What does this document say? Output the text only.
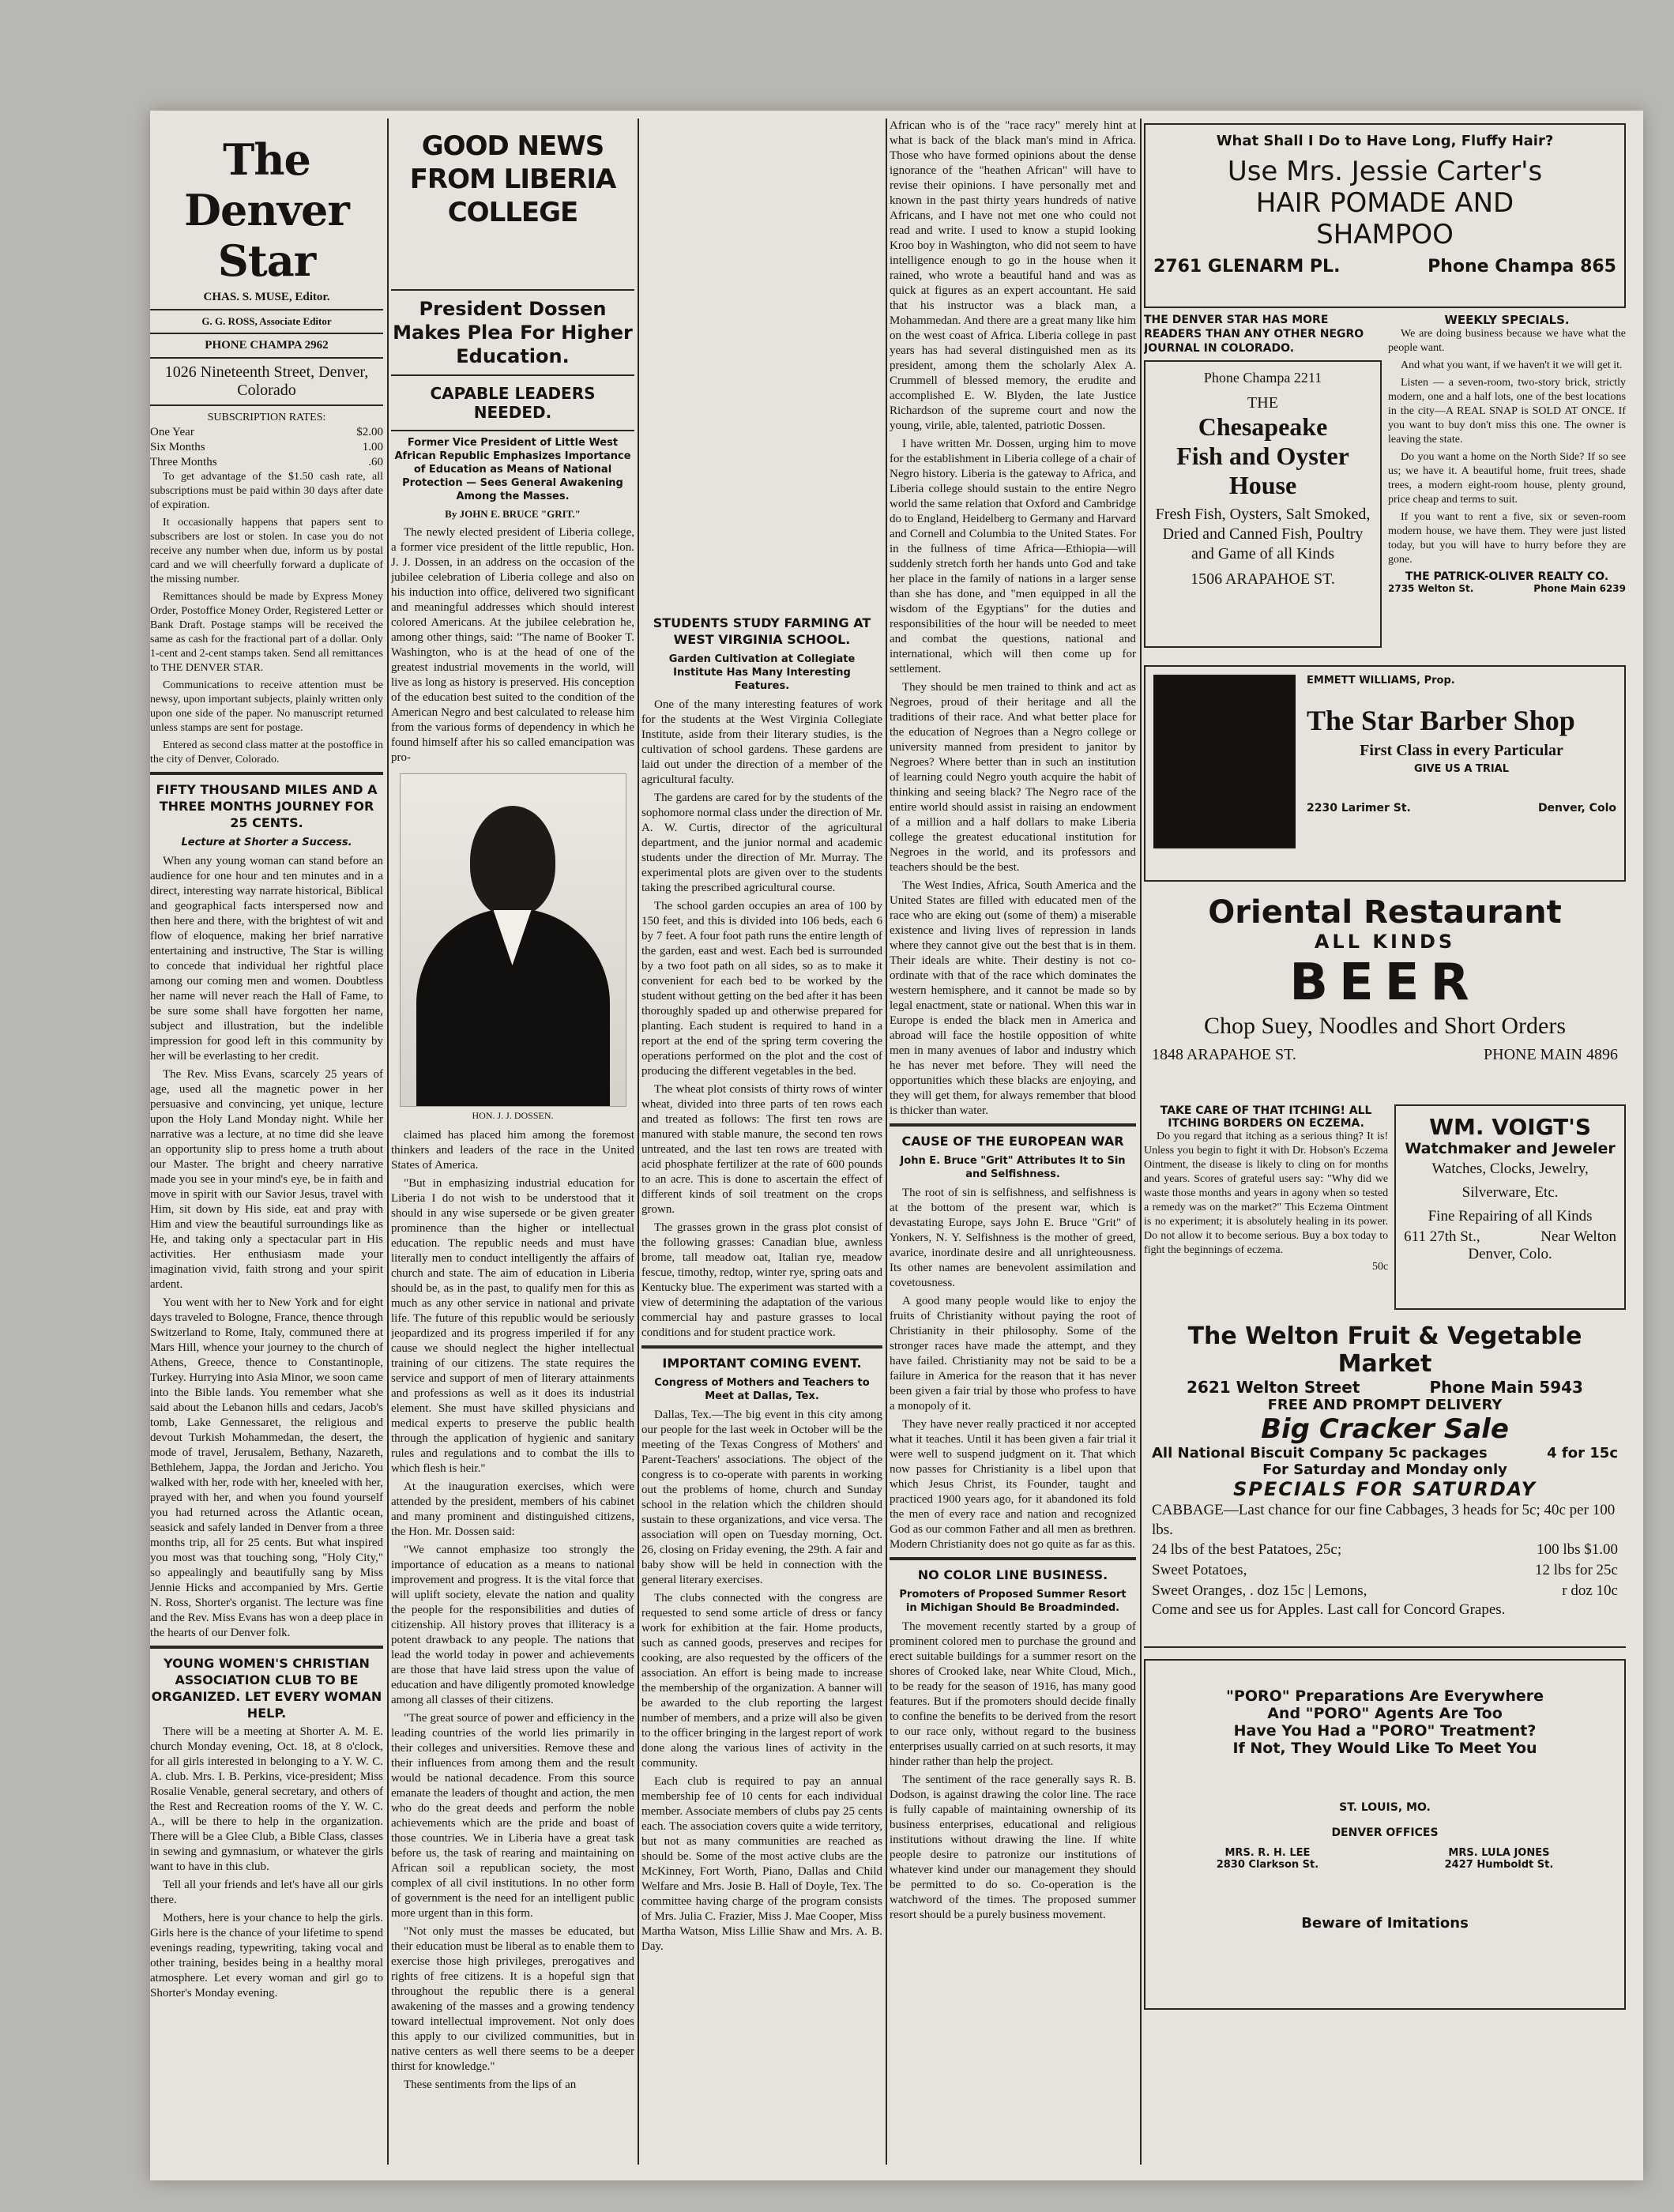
The Denver Star
CHAS. S. MUSE, Editor.
G. G. ROSS, Associate Editor
PHONE CHAMPA 2962
1026 Nineteenth Street, Denver, Colorado
SUBSCRIPTION RATES:
One Year	$2.00
Six Months	1.00
Three Months	.60

To get advantage of the $1.50 cash rate, all subscriptions must be paid within 30 days after date of expiration.

It occasionally happens that papers sent to subscribers are lost or stolen. In case you do not receive any number when due, inform us by postal card and we will cheerfully forward a duplicate of the missing number.

Remittances should be made by Express Money Order, Postoffice Money Order, Registered Letter or Bank Draft. Postage stamps will be received the same as cash for the fractional part of a dollar. Only 1-cent and 2-cent stamps taken. Send all remittances to THE DENVER STAR.

Communications to receive attention must be newsy, upon important subjects, plainly written only upon one side of the paper. No manuscript returned unless stamps are sent for postage.

Entered as second class matter at the postoffice in the city of Denver, Colorado.

FIFTY THOUSAND MILES AND A THREE MONTHS JOURNEY FOR 25 CENTS.
Lecture at Shorter a Success.

When any young woman can stand before an audience for one hour and ten minutes and in a direct, interesting way narrate historical, Biblical and geographical facts interspersed now and then here and there, with the brightest of wit and flow of eloquence, making her brief narrative entertaining and instructive, The Star is willing to concede that individual her rightful place among our coming men and women. Doubtless her name will never reach the Hall of Fame, to be sure some shall have forgotten her name, subject and illustration, but the indelible impression for good left in this community by her will be everlasting to her credit.

The Rev. Miss Evans, scarcely 25 years of age, used all the magnetic power in her persuasive and convincing, yet unique, lecture upon the Holy Land Monday night. While her narrative was a lecture, at no time did she leave an opportunity slip to press home a truth about our Master. The bright and cheery narrative made you see in your mind's eye, be in faith and move in spirit with our Savior Jesus, travel with Him, sit down by His side, eat and pray with Him and view the beautiful surroundings like as He, and taking only a spectacular part in His activities. Her enthusiasm made your imagination vivid, faith strong and your spirit ardent.

You went with her to New York and for eight days traveled to Bologne, France, thence through Switzerland to Rome, Italy, communed there at Mars Hill, whence your journey to the church of Athens, Greece, thence to Constantinople, Turkey. Hurrying into Asia Minor, we soon came into the Bible lands. You remember what she said about the Lebanon hills and cedars, Jacob's tomb, Lake Gennessaret, the religious and devout Turkish Mohammedan, the desert, the mode of travel, Jerusalem, Bethany, Nazareth, Bethlehem, Jappa, the Jordan and Jericho. You walked with her, rode with her, kneeled with her, prayed with her, and when you found yourself you had returned across the Atlantic ocean, seasick and safely landed in Denver from a three months trip, all for 25 cents. But what inspired you most was that touching song, "Holy City," so appealingly and beautifully sang by Miss Jennie Hicks and accompanied by Mrs. Gertie N. Ross, Shorter's organist. The lecture was fine and the Rev. Miss Evans has won a deep place in the hearts of our Denver folk.

YOUNG WOMEN'S CHRISTIAN ASSOCIATION CLUB TO BE ORGANIZED. LET EVERY WOMAN HELP.

There will be a meeting at Shorter A. M. E. church Monday evening, Oct. 18, at 8 o'clock, for all girls interested in belonging to a Y. W. C. A. club. Mrs. I. B. Perkins, vice-president; Miss Rosalie Venable, general secretary, and others of the Rest and Recreation rooms of the Y. W. C. A., will be there to help in the organization. There will be a Glee Club, a Bible Class, classes in sewing and gymnasium, or whatever the girls want to have in this club.

Tell all your friends and let's have all our girls there.

Mothers, here is your chance to help the girls. Girls here is the chance of your lifetime to spend evenings reading, typewriting, taking vocal and other training, besides being in a healthy moral atmosphere. Let every woman and girl go to Shorter's Monday evening.

GOOD NEWS FROM LIBERIA COLLEGE
President Dossen Makes Plea For Higher Education.
CAPABLE LEADERS NEEDED.
Former Vice President of Little West African Republic Emphasizes Importance of Education as Means of National Protection — Sees General Awakening Among the Masses.
By JOHN E. BRUCE "GRIT."

The newly elected president of Liberia college, a former vice president of the little republic, Hon. J. J. Dossen, in an address on the occasion of the jubilee celebration of Liberia college and also on his induction into office, delivered two significant and meaningful addresses which should interest colored Americans. At the jubilee celebration he, among other things, said: "The name of Booker T. Washington, who is at the head of one of the greatest industrial movements in the world, will live as long as history is preserved. His conception of the education best suited to the condition of the American Negro and best calculated to release him from the various forms of dependency in which he found himself after his so called emancipation was pro-

HON. J. J. DOSSEN.

claimed has placed him among the foremost thinkers and leaders of the race in the United States of America.

"But in emphasizing industrial education for Liberia I do not wish to be understood that it should in any wise supersede or be given greater prominence than the higher or intellectual education. The republic needs and must have literally men to conduct intelligently the affairs of church and state. The aim of education in Liberia should be, as in the past, to qualify men for this as much as any other service in national and private life. The future of this republic would be seriously jeopardized and its progress imperiled if for any cause we should neglect the higher intellectual training of our citizens. The state requires the service and support of men of literary attainments and professions as well as it does its industrial element. She must have skilled physicians and medical experts to preserve the public health through the application of hygienic and sanitary rules and regulations and to combat the ills to which flesh is heir."

At the inauguration exercises, which were attended by the president, members of his cabinet and many prominent and distinguished citizens, the Hon. Mr. Dossen said:

"We cannot emphasize too strongly the importance of education as a means to national improvement and progress. It is the vital force that will uplift society, elevate the nation and quality the people for the responsibilities and duties of citizenship. All history proves that illiteracy is a potent drawback to any people. The nations that lead the world today in power and achievements are those that have laid stress upon the value of education and have diligently promoted knowledge among all classes of their citizens.

"The great source of power and efficiency in the leading countries of the world lies primarily in their colleges and universities. Remove these and their influences from among them and the result would be national decadence. From this source emanate the leaders of thought and action, the men who do the great deeds and perform the noble achievements which are the pride and boast of those countries. We in Liberia have a great task before us, the task of rearing and maintaining on African soil a republican society, the most complex of all civil institutions. In no other form of government is the need for an intelligent public more urgent than in this form.

"Not only must the masses be educated, but their education must be liberal as to enable them to exercise those high privileges, prerogatives and rights of free citizens. It is a hopeful sign that throughout the republic there is a general awakening of the masses and a growing tendency toward intellectual improvement. Not only does this apply to our civilized communities, but in native centers as well there seems to be a deeper thirst for knowledge."

These sentiments from the lips of an

STUDENTS STUDY FARMING AT WEST VIRGINIA SCHOOL.
Garden Cultivation at Collegiate Institute Has Many Interesting Features.

One of the many interesting features of work for the students at the West Virginia Collegiate Institute, aside from their literary studies, is the cultivation of school gardens. These gardens are laid out under the direction of a member of the agricultural faculty.

The gardens are cared for by the students of the sophomore normal class under the direction of Mr. A. W. Curtis, director of the agricultural department, and the junior normal and academic students under the direction of Mr. Murray. The experimental plots are given over to the students taking the prescribed agricultural course.

The school garden occupies an area of 100 by 150 feet, and this is divided into 106 beds, each 6 by 7 feet. A four foot path runs the entire length of the garden, east and west. Each bed is surrounded by a two foot path on all sides, so as to make it convenient for each bed to be worked by the student without getting on the bed after it has been thoroughly spaded up and otherwise prepared for planting. Each student is required to hand in a report at the end of the spring term covering the operations performed on the plot and the cost of producing the different vegetables in the bed.

The wheat plot consists of thirty rows of winter wheat, divided into three parts of ten rows each and treated as follows: The first ten rows are manured with stable manure, the second ten rows untreated, and the last ten rows are treated with acid phosphate fertilizer at the rate of 600 pounds to an acre. This is done to ascertain the effect of different kinds of soil treatment on the crops grown.

The grasses grown in the grass plot consist of the following grasses: Canadian blue, awnless brome, tall meadow oat, Italian rye, meadow fescue, timothy, redtop, winter rye, spring oats and Kentucky blue. The experiment was started with a view of determining the adaptation of the various commercial hay and pasture grasses to local conditions and for student practice work.

IMPORTANT COMING EVENT.
Congress of Mothers and Teachers to Meet at Dallas, Tex.

Dallas, Tex.—The big event in this city among our people for the last week in October will be the meeting of the Texas Congress of Mothers' and Parent-Teachers' associations. The object of the congress is to co-operate with parents in working out the problems of home, church and Sunday school in the relation which the children should sustain to these organizations, and vice versa. The association will open on Tuesday morning, Oct. 26, closing on Friday evening, the 29th. A fair and baby show will be held in connection with the general literary exercises.

The clubs connected with the congress are requested to send some article of dress or fancy work for exhibition at the fair. Home products, such as canned goods, preserves and recipes for cooking, are also requested by the officers of the association. An effort is being made to increase the membership of the organization. A banner will be awarded to the club reporting the largest number of members, and a prize will also be given to the officer bringing in the largest report of work done along the various lines of activity in the community.

Each club is required to pay an annual membership fee of 10 cents for each individual member. Associate members of clubs pay 25 cents each. The association covers quite a wide territory, but not as many communities are reached as should be. Some of the most active clubs are the McKinney, Fort Worth, Piano, Dallas and Child Welfare and Mrs. Josie B. Hall of Doyle, Tex. The committee having charge of the program consists of Mrs. Julia C. Frazier, Miss J. Mae Cooper, Miss Martha Watson, Miss Lillie Shaw and Mrs. A. B. Day.

African who is of the "race racy" merely hint at what is back of the black man's mind in Africa. Those who have formed opinions about the dense ignorance of the "heathen African" will have to revise their opinions. I have personally met and known in the past thirty years hundreds of native Africans, and I have not met one who could not read and write. I used to know a stupid looking Kroo boy in Washington, who did not seem to have intelligence enough to go in the house when it rained, who wrote a beautiful hand and was as quick at figures as an expert accountant. He said that his instructor was a black man, a Mohammedan. And there are a great many like him on the west coast of Africa. Liberia college in past years has had several distinguished men as its president, among them the scholarly Alex A. Crummell of blessed memory, the erudite and accomplished E. W. Blyden, the late Justice Richardson of the supreme court and now the young, virile, able, talented, patriotic Dossen.

I have written Mr. Dossen, urging him to move for the establishment in Liberia college of a chair of Negro history. Liberia is the gateway to Africa, and Liberia college should sustain to the entire Negro world the same relation that Oxford and Cambridge do to England, Heidelberg to Germany and Harvard and Cornell and Columbia to the United States. For in the fullness of time Africa—Ethiopia—will suddenly stretch forth her hands unto God and take her place in the family of nations in a larger sense than she has done, and "men equipped in all the wisdom of the Egyptians" for the duties and responsibilities of the hour will be needed to meet and combat the questions, national and international, which will then come up for settlement.

They should be men trained to think and act as Negroes, proud of their heritage and all the traditions of their race. And what better place for the education of Negroes than a Negro college or university manned from president to janitor by Negroes? Where better than in such an institution of learning could Negro youth acquire the habit of thinking and seeing black? The Negro race of the entire world should assist in raising an endowment of a million and a half dollars to make Liberia college the greatest educational institution for Negroes in the world, and its professors and teachers should be the best.

The West Indies, Africa, South America and the United States are filled with educated men of the race who are eking out (some of them) a miserable existence and living lives of repression in lands where they cannot give out the best that is in them. Their ideals are white. Their destiny is not co-ordinate with that of the race which dominates the western hemisphere, and it cannot be made so by legal enactment, state or national. When this war in Europe is ended the black men in America and abroad will face the hostile opposition of white men in many avenues of labor and industry which he has never met before. They will need the opportunities which these blacks are enjoying, and they will get them, for always remember that blood is thicker than water.

CAUSE OF THE EUROPEAN WAR
John E. Bruce "Grit" Attributes It to Sin and Selfishness.

The root of sin is selfishness, and selfishness is at the bottom of the present war, which is devastating Europe, says John E. Bruce "Grit" of Yonkers, N. Y. Selfishness is the mother of greed, avarice, inordinate desire and all unrighteousness. Its other names are benevolent assimilation and covetousness.

A good many people would like to enjoy the fruits of Christianity without paying the root of Christianity in their philosophy. Some of the stronger races have made the attempt, and they have failed. Christianity may not be said to be a failure in America for the reason that it has never been given a fair trial by those who profess to have a monopoly of it.

They have never really practiced it nor accepted what it teaches. Until it has been given a fair trial it were well to suspend judgment on it. That which now passes for Christianity is a libel upon that which Jesus Christ, its Founder, taught and practiced 1900 years ago, for it abandoned its fold the men of every race and nation and recognized God as our common Father and all men as brethren. Modern Christianity does not go quite as far as this.

NO COLOR LINE BUSINESS.
Promoters of Proposed Summer Resort in Michigan Should Be Broadminded.

The movement recently started by a group of prominent colored men to purchase the ground and erect suitable buildings for a summer resort on the shores of Crooked lake, near White Cloud, Mich., to be ready for the season of 1916, has many good features. But if the promoters should decide finally to confine the benefits to be derived from the resort to our race only, without regard to the business enterprises usually carried on at such resorts, it may hinder rather than help the project.

The sentiment of the race generally says R. B. Dodson, is against drawing the color line. The race is fully capable of maintaining ownership of its business enterprises, educational and religious institutions without drawing the line. If white people desire to patronize our institutions of whatever kind under our management they should be permitted to do so. Co-operation is the watchword of the times. The proposed summer resort should be a purely business movement.

What Shall I Do to Have Long, Fluffy Hair?
Use Mrs. Jessie Carter's
HAIR POMADE AND
SHAMPOO
2761 GLENARM PL.	Phone Champa 865
THE DENVER STAR HAS MORE READERS THAN ANY OTHER NEGRO JOURNAL IN COLORADO.
Phone Champa 2211
THE
Chesapeake
Fish and Oyster
House
Fresh Fish, Oysters, Salt Smoked, Dried and Canned Fish, Poultry and Game of all Kinds
1506 ARAPAHOE ST.
WEEKLY SPECIALS.

We are doing business because we have what the people want.

And what you want, if we haven't it we will get it.

Listen — a seven-room, two-story brick, strictly modern, one and a half lots, one of the best locations in the city—A REAL SNAP is SOLD AT ONCE. If you want to buy don't miss this one. The owner is leaving the state.

Do you want a home on the North Side? If so see us; we have it. A beautiful home, fruit trees, shade trees, a modern eight-room house, plenty ground, price cheap and terms to suit.

If you want to rent a five, six or seven-room modern house, we have them. They were just listed today, but you will have to hurry before they are gone.

THE PATRICK-OLIVER REALTY CO.
2735 Welton St.	Phone Main 6239
EMMETT WILLIAMS, Prop.
The Star Barber Shop
First Class in every Particular
GIVE US A TRIAL
2230 Larimer St.	Denver, Colo
Oriental Restaurant
ALL KINDS
BEER
Chop Suey, Noodles and Short Orders
1848 ARAPAHOE ST.	PHONE MAIN 4896
TAKE CARE OF THAT ITCHING! ALL ITCHING BORDERS ON ECZEMA.

Do you regard that itching as a serious thing? It is! Unless you begin to fight it with Dr. Hobson's Eczema Ointment, the disease is likely to cling on for months and years. Scores of grateful users say: "Why did we waste those months and years in agony when so tested a remedy was on the market?" This Eczema Ointment is no experiment; it is absolutely healing in its power. Do not allow it to become serious. Buy a box today to fight the beginnings of eczema.

50c
WM. VOIGT'S
Watchmaker and Jeweler
Watches, Clocks, Jewelry,
Silverware, Etc.
Fine Repairing of all Kinds
611 27th St.,	Near Welton
Denver, Colo.
The Welton Fruit & Vegetable Market
2621 Welton Street	Phone Main 5943
FREE AND PROMPT DELIVERY
Big Cracker Sale
All National Biscuit Company 5c packages	4 for 15c
For Saturday and Monday only
SPECIALS FOR SATURDAY
CABBAGE—Last chance for our fine Cabbages, 3 heads for 5c; 40c per 100 lbs.
24 lbs of the best Patatoes, 25c;	100 lbs $1.00
Sweet Potatoes,	12 lbs for 25c
Sweet Oranges, . doz 15c | Lemons,	r doz 10c
Come and see us for Apples. Last call for Concord Grapes.
"PORO" Preparations Are Everywhere
And "PORO" Agents Are Too
Have You Had a "PORO" Treatment?
If Not, They Would Like To Meet You
ST. LOUIS, MO.
DENVER OFFICES
MRS. R. H. LEE
2830 Clarkson St.
MRS. LULA JONES
2427 Humboldt St.
Beware of Imitations
